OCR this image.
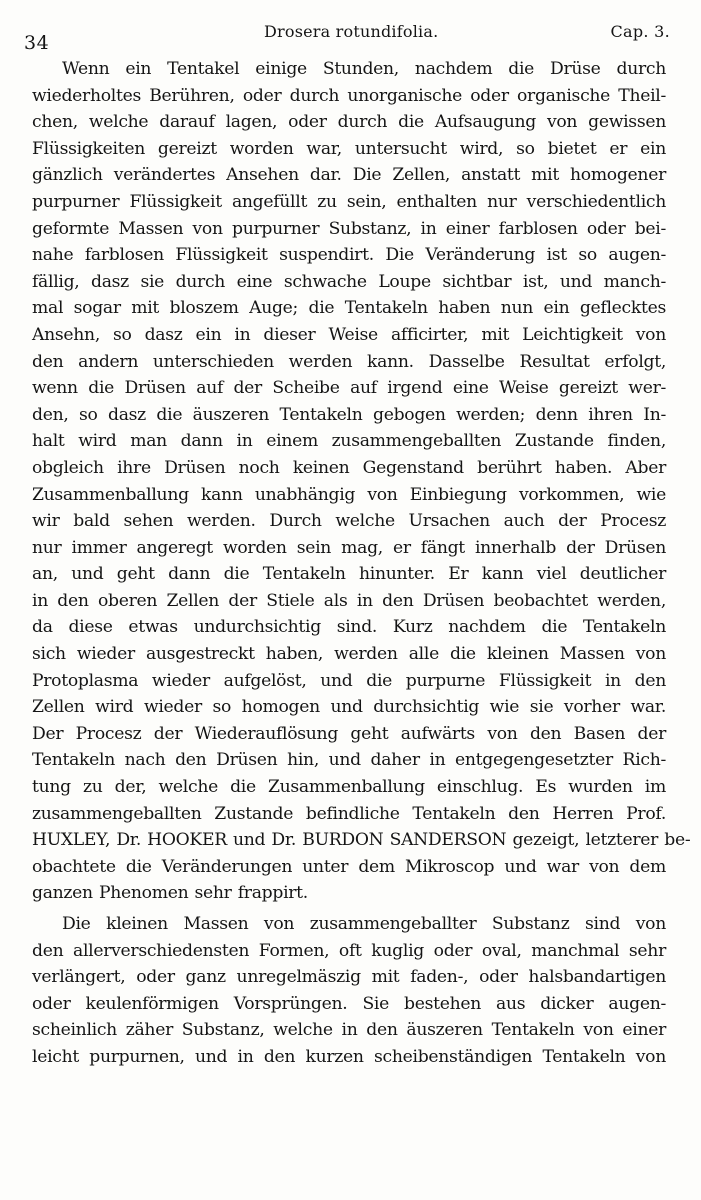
34
Drosera rotundifolia.	Cap. 3.
Wenn ein Tentakel einige Stunden, nachdem die Drüse durch
wiederholtes Berühren, oder durch unorganische oder organische Theil-
chen, welche darauf lagen, oder durch die Aufsaugung von gewissen
Flüssigkeiten gereizt worden war, untersucht wird, so bietet er ein
gänzlich verändertes Ansehen dar. Die Zellen, anstatt mit homogener
purpurner Flüssigkeit angefüllt zu sein, enthalten nur verschiedentlich
geformte Massen von purpurner Substanz, in einer farblosen oder bei-
nahe farblosen Flüssigkeit suspendirt. Die Veränderung ist so augen-
fällig, dasz sie durch eine schwache Loupe sichtbar ist, und manch-
mal sogar mit bloszem Auge; die Tentakeln haben nun ein geflecktes
Ansehn, so dasz ein in dieser Weise afficirter, mit Leichtigkeit von
den andern unterschieden werden kann. Dasselbe Resultat erfolgt,
wenn die Drüsen auf der Scheibe auf irgend eine Weise gereizt wer-
den, so dasz die äuszeren Tentakeln gebogen werden; denn ihren In-
halt wird man dann in einem zusammengeballten Zustande finden,
obgleich ihre Drüsen noch keinen Gegenstand berührt haben. Aber
Zusammenballung kann unabhängig von Einbiegung vorkommen, wie
wir bald sehen werden. Durch welche Ursachen auch der Procesz
nur immer angeregt worden sein mag, er fängt innerhalb der Drüsen
an, und geht dann die Tentakeln hinunter. Er kann viel deutlicher
in den oberen Zellen der Stiele als in den Drüsen beobachtet werden,
da diese etwas undurchsichtig sind. Kurz nachdem die Tentakeln
sich wieder ausgestreckt haben, werden alle die kleinen Massen von
Protoplasma wieder aufgelöst, und die purpurne Flüssigkeit in den
Zellen wird wieder so homogen und durchsichtig wie sie vorher war.
Der Procesz der Wiederauflösung geht aufwärts von den Basen der
Tentakeln nach den Drüsen hin, und daher in entgegengesetzter Rich-
tung zu der, welche die Zusammenballung einschlug. Es wurden im
zusammengeballten Zustande befindliche Tentakeln den Herren Prof.
HUXLEY, Dr. HOOKER und Dr. BURDON SANDERSON gezeigt, letzterer be-
obachtete die Veränderungen unter dem Mikroscop und war von dem
ganzen Phenomen sehr frappirt.
Die kleinen Massen von zusammengeballter Substanz sind von
den allerverschiedensten Formen, oft kuglig oder oval, manchmal sehr
verlängert, oder ganz unregelmäszig mit faden-, oder halsbandartigen
oder keulenförmigen Vorsprüngen. Sie bestehen aus dicker augen-
scheinlich zäher Substanz, welche in den äuszeren Tentakeln von einer
leicht purpurnen, und in den kurzen scheibenständigen Tentakeln von
